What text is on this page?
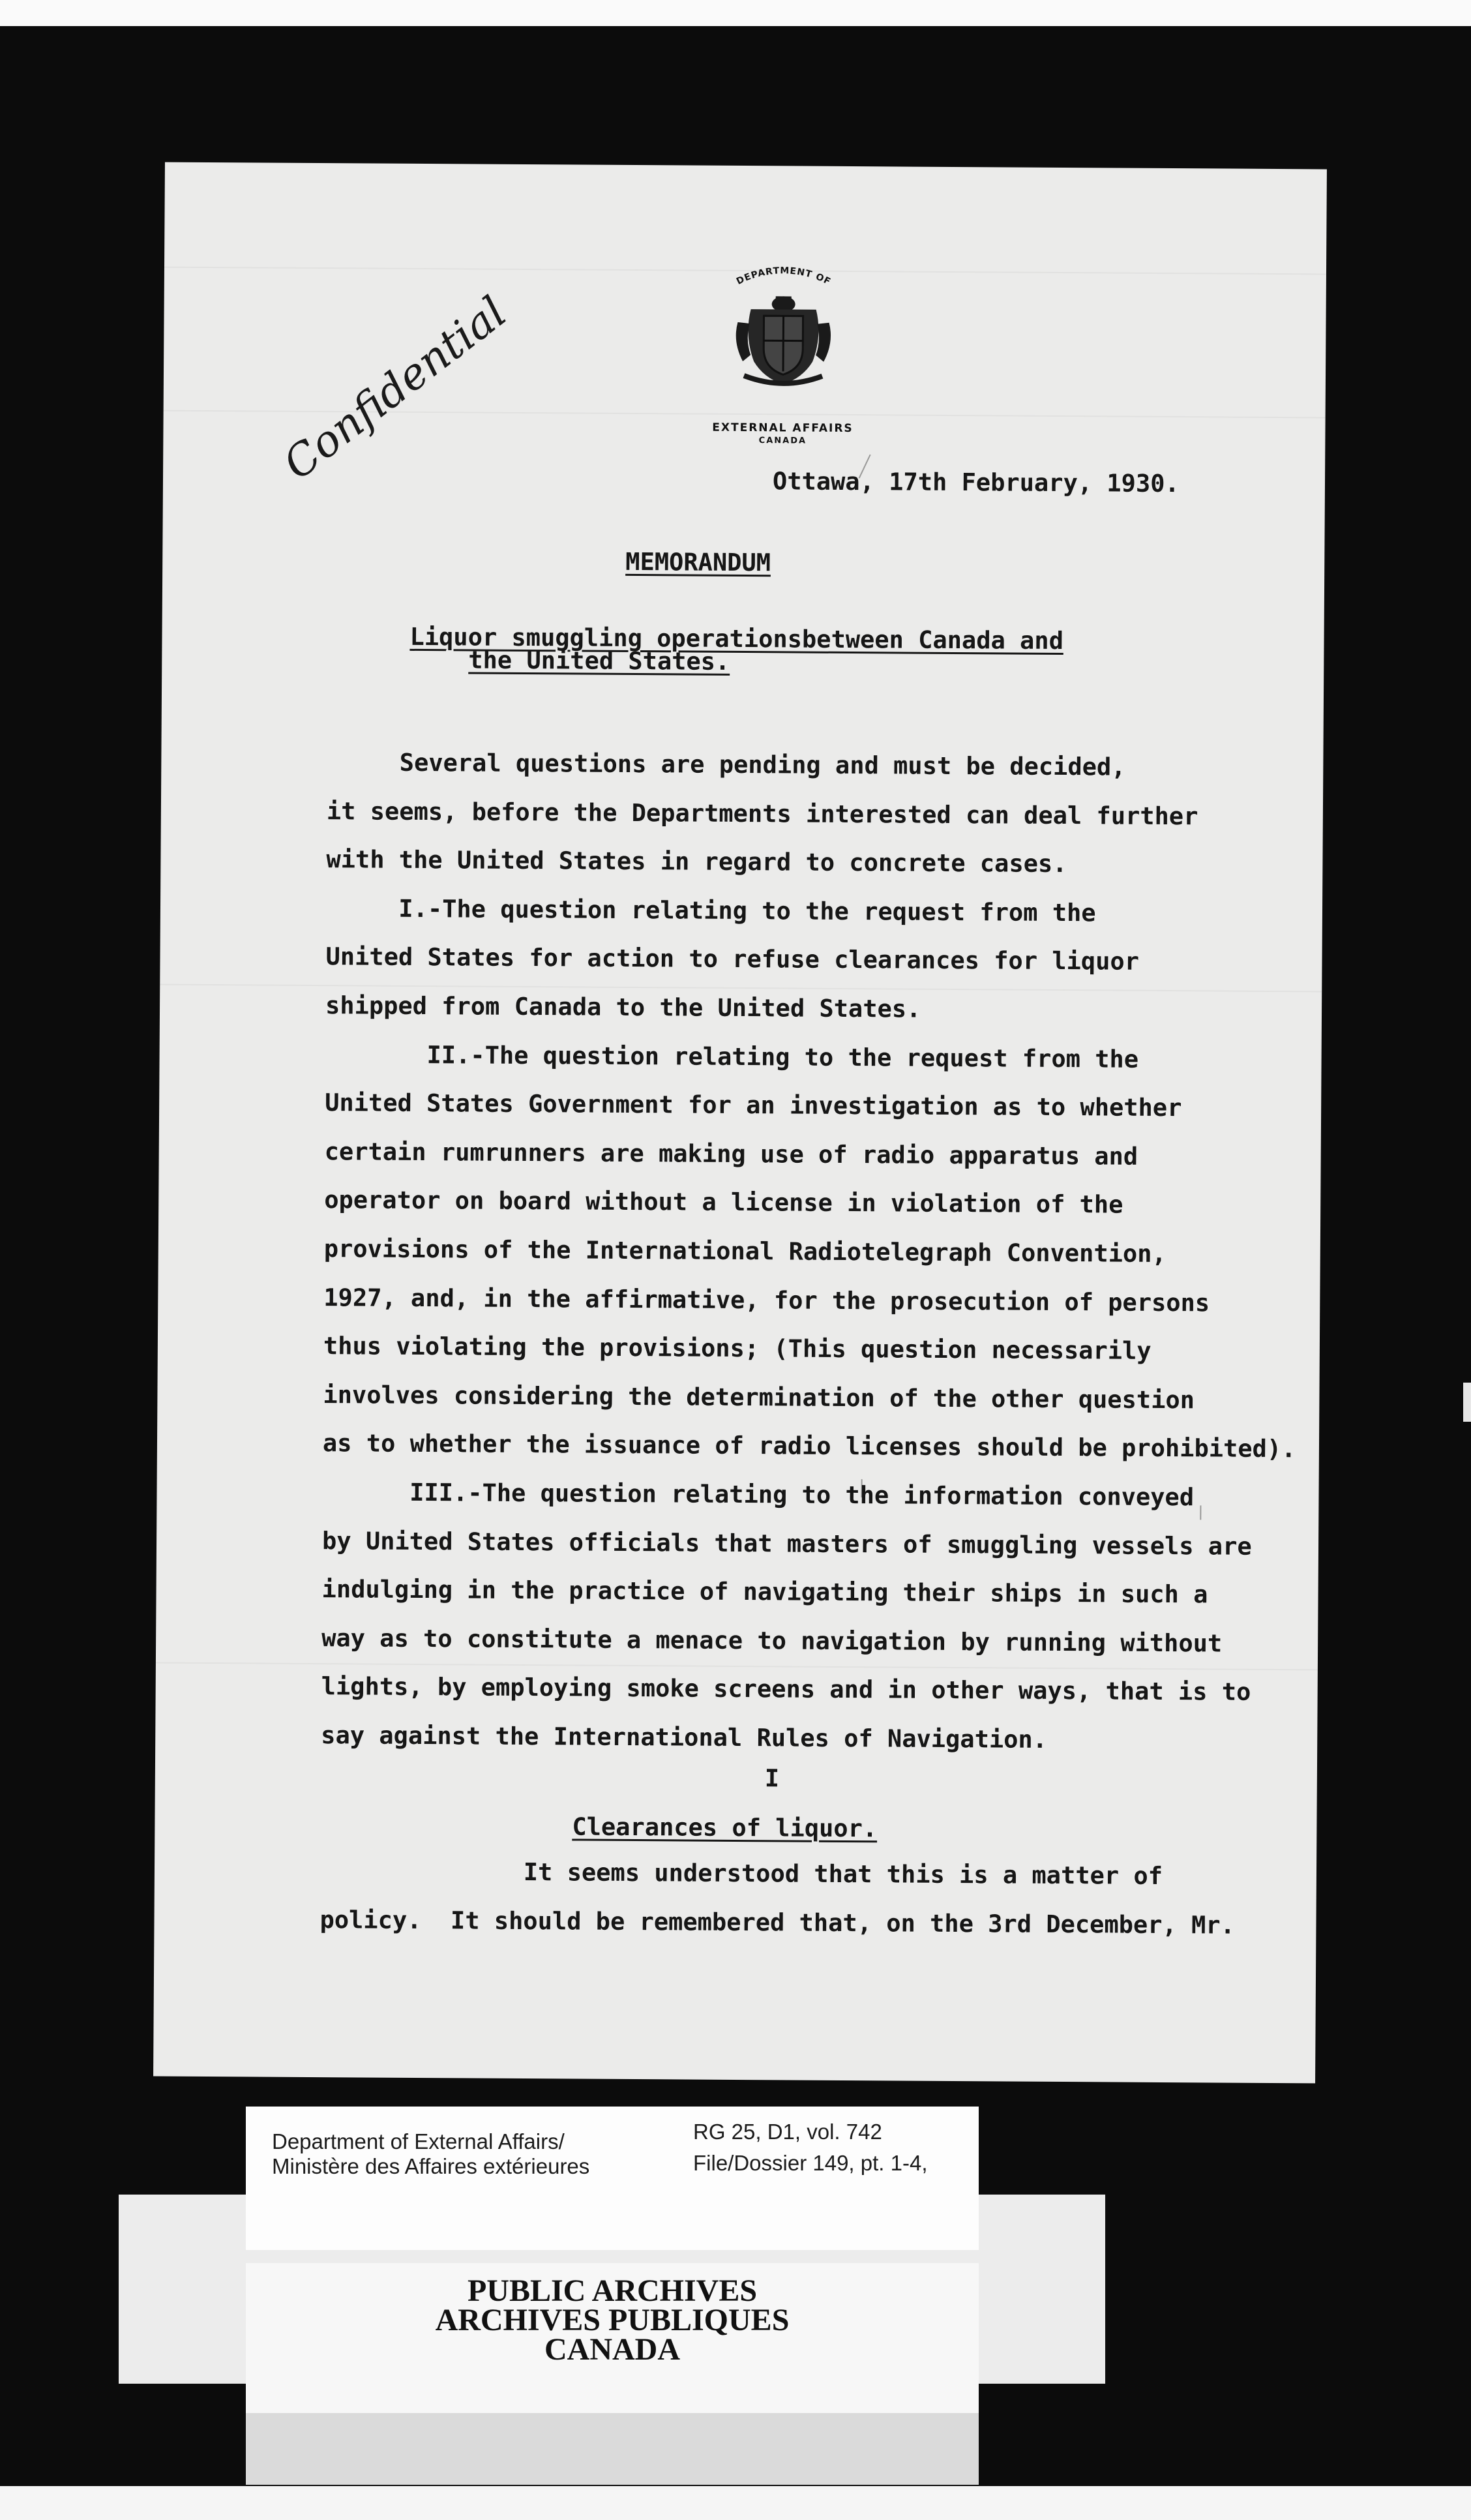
DEPARTMENT OF
EXTERNAL AFFAIRS
CANADA
Confidential	Ottawa, 17th February, 1930.
MEMORANDUM
Liquor smuggling operationsbetween Canada and
the United States.
Several questions are pending and must be decided,
it seems, before the Departments interested can deal further
with the United States in regard to concrete cases.
I.-The question relating to the request from the
United States for action to refuse clearances for liquor
shipped from Canada to the United States.
II.-The question relating to the request from the
United States Government for an investigation as to whether
certain rumrunners are making use of radio apparatus and
operator on board without a license in violation of the
provisions of the International Radiotelegraph Convention,
1927, and, in the affirmative, for the prosecution of persons
thus violating the provisions; (This question necessarily
involves considering the determination of the other question
as to whether the issuance of radio licenses should be prohibited).
III.-The question relating to the information conveyed
by United States officials that masters of smuggling vessels are
indulging in the practice of navigating their ships in such a
way as to constitute a menace to navigation by running without
lights, by employing smoke screens and in other ways, that is to
say against the International Rules of Navigation.
I
Clearances of liquor.
It seems understood that this is a matter of
policy.  It should be remembered that, on the 3rd December, Mr.
Department of External Affairs/
Ministère des Affaires extérieures
RG 25, D1, vol. 742
File/Dossier 149, pt. 1-4,
PUBLIC ARCHIVES
ARCHIVES PUBLIQUES
CANADA
